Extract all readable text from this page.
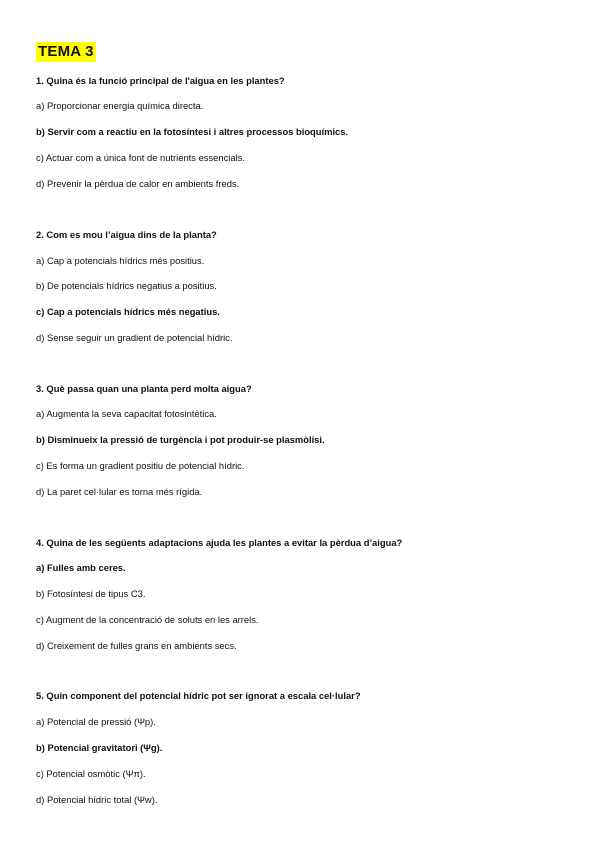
TEMA 3
1. Quina és la funció principal de l'aigua en les plantes?
a) Proporcionar energia química directa.
b) Servir com a reactiu en la fotosíntesi i altres processos bioquímics.
c) Actuar com a única font de nutrients essencials.
d) Prevenir la pèrdua de calor en ambients freds.
2. Com es mou l’aigua dins de la planta?
a) Cap a potencials hídrics més positius.
b) De potencials hídrics negatius a positius.
c) Cap a potencials hídrics més negatius.
d) Sense seguir un gradient de potencial hídric.
3. Què passa quan una planta perd molta aigua?
a) Augmenta la seva capacitat fotosintètica.
b) Disminueix la pressió de turgència i pot produir-se plasmòlisi.
c) Es forma un gradient positiu de potencial hídric.
d) La paret cel·lular es torna més rígida.
4. Quina de les següents adaptacions ajuda les plantes a evitar la pèrdua d’aigua?
a) Fulles amb ceres.
b) Fotosíntesi de tipus C3.
c) Augment de la concentració de soluts en les arrels.
d) Creixement de fulles grans en ambients secs.
5. Quin component del potencial hídric pot ser ignorat a escala cel·lular?
a) Potencial de pressió (Ψp).
b) Potencial gravitatori (Ψg).
c) Potencial osmòtic (Ψπ).
d) Potencial hídric total (Ψw).
